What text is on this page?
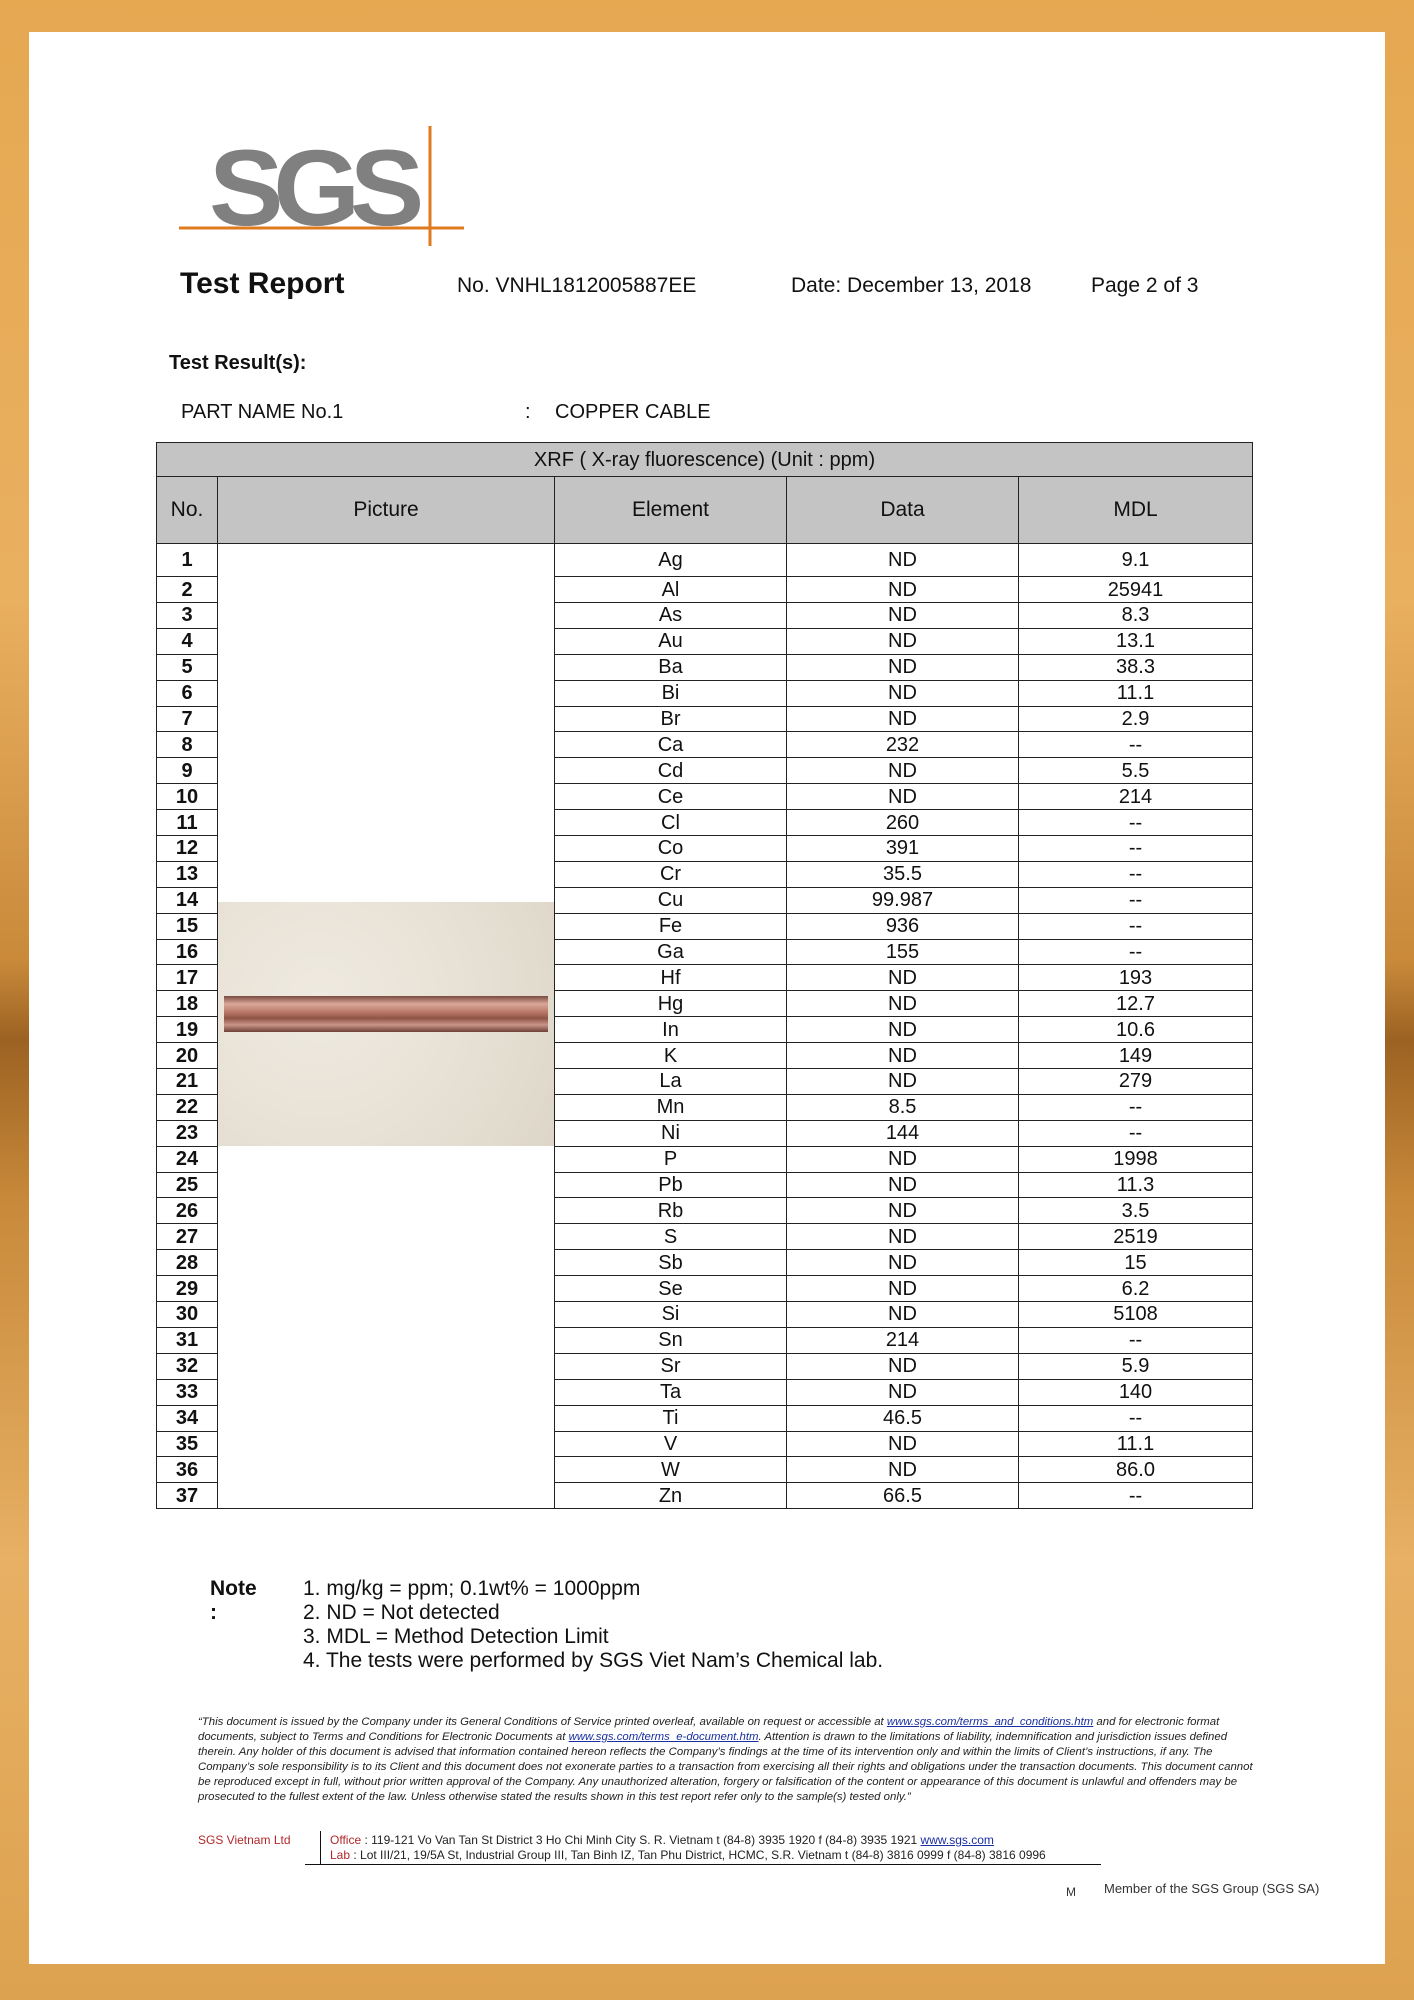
SGS
Test Report	No. VNHL1812005887EE	Date: December 13, 2018	Page 2 of 3
Test Result(s):
PART NAME No.1	: COPPER CABLE
XRF ( X-ray fluorescence) (Unit : ppm)				
No.	Picture	Element	Data	MDL
1		Ag	ND	9.1
2		Al	ND	25941
3		As	ND	8.3
4		Au	ND	13.1
5		Ba	ND	38.3
6		Bi	ND	11.1
7		Br	ND	2.9
8		Ca	232	--
9		Cd	ND	5.5
10		Ce	ND	214
11		Cl	260	--
12		Co	391	--
13		Cr	35.5	--
14		Cu	99.987	--
15		Fe	936	--
16		Ga	155	--
17		Hf	ND	193
18		Hg	ND	12.7
19		In	ND	10.6
20		K	ND	149
21		La	ND	279
22		Mn	8.5	--
23		Ni	144	--
24		P	ND	1998
25		Pb	ND	11.3
26		Rb	ND	3.5
27		S	ND	2519
28		Sb	ND	15
29		Se	ND	6.2
30		Si	ND	5108
31		Sn	214	--
32		Sr	ND	5.9
33		Ta	ND	140
34		Ti	46.5	--
35		V	ND	11.1
36		W	ND	86.0
37		Zn	66.5	--
Note :
1. mg/kg = ppm; 0.1wt% = 1000ppm
2. ND = Not detected
3. MDL = Method Detection Limit
4. The tests were performed by SGS Viet Nam’s Chemical lab.
“This document is issued by the Company under its General Conditions of Service printed overleaf, available on request or accessible at www.sgs.com/terms_and_conditions.htm and for electronic format documents, subject to Terms and Conditions for Electronic Documents at www.sgs.com/terms_e-document.htm. Attention is drawn to the limitations of liability, indemnification and jurisdiction issues defined therein. Any holder of this document is advised that information contained hereon reflects the Company’s findings at the time of its intervention only and within the limits of Client’s instructions, if any. The Company’s sole responsibility is to its Client and this document does not exonerate parties to a transaction from exercising all their rights and obligations under the transaction documents. This document cannot be reproduced except in full, without prior written approval of the Company. Any unauthorized alteration, forgery or falsification of the content or appearance of this document is unlawful and offenders may be prosecuted to the fullest extent of the law. Unless otherwise stated the results shown in this test report refer only to the sample(s) tested only.”
SGS Vietnam Ltd	Office : 119-121 Vo Van Tan St District 3 Ho Chi Minh City S. R. Vietnam t (84-8) 3935 1920 f (84-8) 3935 1921 www.sgs.com
Lab : Lot III/21, 19/5A St, Industrial Group III, Tan Binh IZ, Tan Phu District, HCMC, S.R. Vietnam t (84-8) 3816 0999 f (84-8) 3816 0996
M Member of the SGS Group (SGS SA)
